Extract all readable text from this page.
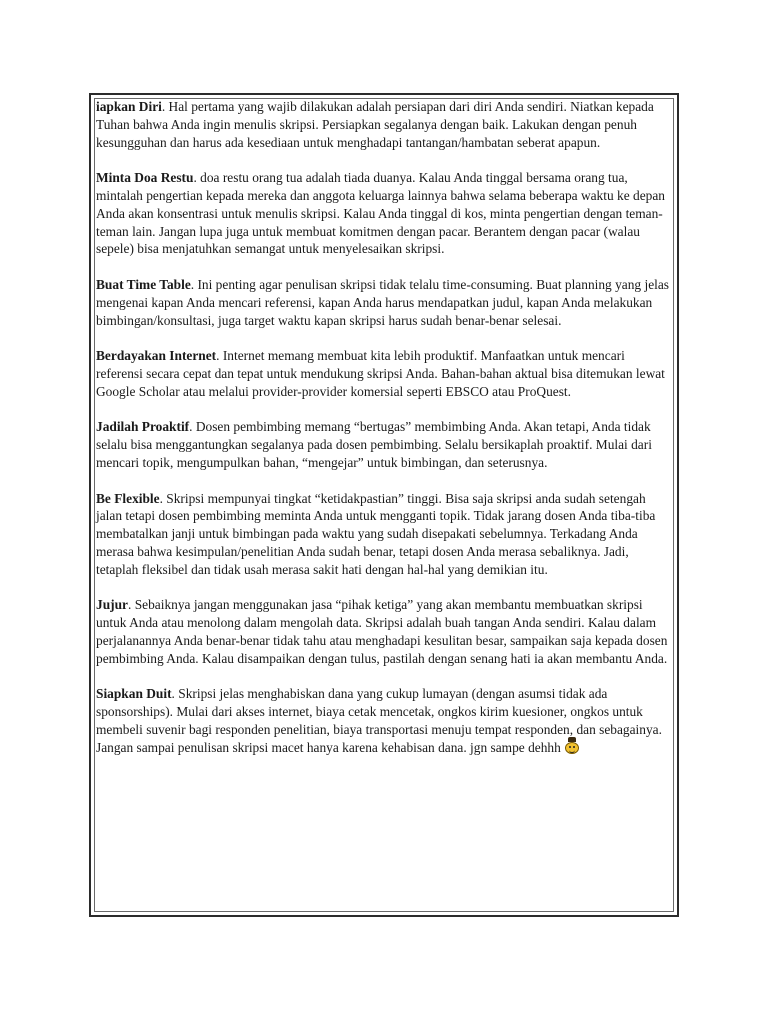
iapkan Diri. Hal pertama yang wajib dilakukan adalah persiapan dari diri Anda sendiri. Niatkan kepada Tuhan bahwa Anda ingin menulis skripsi. Persiapkan segalanya dengan baik. Lakukan dengan penuh kesungguhan dan harus ada kesediaan untuk menghadapi tantangan/hambatan seberat apapun.

Minta Doa Restu. doa restu orang tua adalah tiada duanya. Kalau Anda tinggal bersama orang tua, mintalah pengertian kepada mereka dan anggota keluarga lainnya bahwa selama beberapa waktu ke depan Anda akan konsentrasi untuk menulis skripsi. Kalau Anda tinggal di kos, minta pengertian dengan teman-teman lain. Jangan lupa juga untuk membuat komitmen dengan pacar. Berantem dengan pacar (walau sepele) bisa menjatuhkan semangat untuk menyelesaikan skripsi.

Buat Time Table. Ini penting agar penulisan skripsi tidak telalu time-consuming. Buat planning yang jelas mengenai kapan Anda mencari referensi, kapan Anda harus mendapatkan judul, kapan Anda melakukan bimbingan/konsultasi, juga target waktu kapan skripsi harus sudah benar-benar selesai.

Berdayakan Internet. Internet memang membuat kita lebih produktif. Manfaatkan untuk mencari referensi secara cepat dan tepat untuk mendukung skripsi Anda. Bahan-bahan aktual bisa ditemukan lewat Google Scholar atau melalui provider-provider komersial seperti EBSCO atau ProQuest.

Jadilah Proaktif. Dosen pembimbing memang “bertugas” membimbing Anda. Akan tetapi, Anda tidak selalu bisa menggantungkan segalanya pada dosen pembimbing. Selalu bersikaplah proaktif. Mulai dari mencari topik, mengumpulkan bahan, “mengejar” untuk bimbingan, dan seterusnya.

Be Flexible. Skripsi mempunyai tingkat “ketidakpastian” tinggi. Bisa saja skripsi anda sudah setengah jalan tetapi dosen pembimbing meminta Anda untuk mengganti topik. Tidak jarang dosen Anda tiba-tiba membatalkan janji untuk bimbingan pada waktu yang sudah disepakati sebelumnya. Terkadang Anda merasa bahwa kesimpulan/penelitian Anda sudah benar, tetapi dosen Anda merasa sebaliknya. Jadi, tetaplah fleksibel dan tidak usah merasa sakit hati dengan hal-hal yang demikian itu.

Jujur. Sebaiknya jangan menggunakan jasa “pihak ketiga” yang akan membantu membuatkan skripsi untuk Anda atau menolong dalam mengolah data. Skripsi adalah buah tangan Anda sendiri. Kalau dalam perjalanannya Anda benar-benar tidak tahu atau menghadapi kesulitan besar, sampaikan saja kepada dosen pembimbing Anda. Kalau disampaikan dengan tulus, pastilah dengan senang hati ia akan membantu Anda.

Siapkan Duit. Skripsi jelas menghabiskan dana yang cukup lumayan (dengan asumsi tidak ada sponsorships). Mulai dari akses internet, biaya cetak mencetak, ongkos kirim kuesioner, ongkos untuk membeli suvenir bagi responden penelitian, biaya transportasi menuju tempat responden, dan sebagainya. Jangan sampai penulisan skripsi macet hanya karena kehabisan dana. jgn sampe dehhh
